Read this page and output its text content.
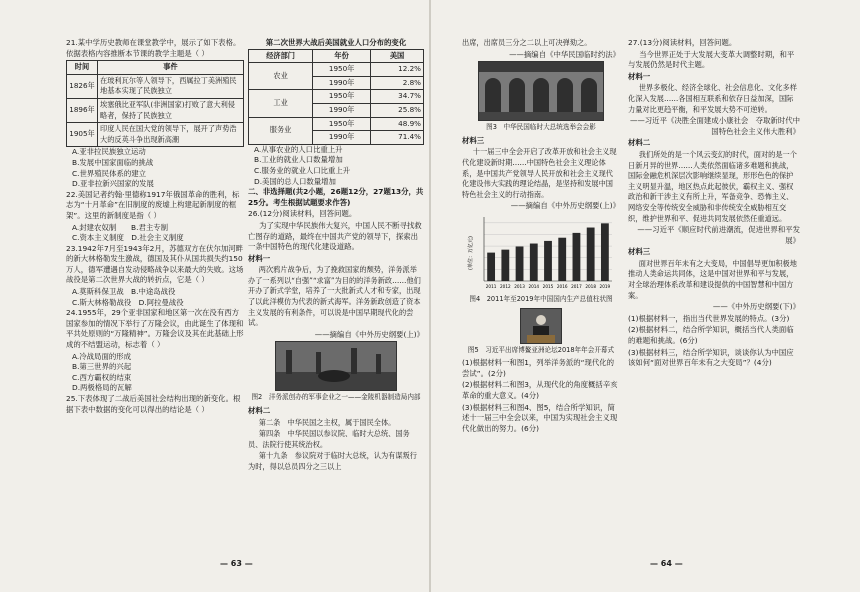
21.某中学历史教师在课堂教学中，展示了如下表格。依据表格内容推断本节课的教学主题是（ ）
时间	事件
1826年	在玻利瓦尔等人领导下，西属拉丁美洲殖民地基本实现了民族独立
1896年	埃塞俄比亚军队(非洲国家)打败了意大利侵略者，保持了民族独立
1905年	印度人民在国大党的领导下，展开了声势浩大的反英斗争出现新高潮
A.亚非拉民族独立运动
B.发展中国家面临的挑战
C.世界殖民体系的建立
D.亚非拉新兴国家的发展
22.美国记者约翰·里德称1917年俄国革命的胜利，标志为“十月革命”在旧制度的废墟上构建起新制度的框架”。这里的新制度是指（ ）
A.封建农奴制　　 B.君主专制
C.资本主义制度　 D.社会主义制度
23.1942年7月至1943年2月，苏德双方在伏尔加河畔的新大林格勒发生激战，德国及其仆从国共损失约150万人，德军遭遇自发动侵略战争以来最大的失败。这场战役是第二次世界大战的转折点，它是（ ）
A.莫斯科保卫战　 B.中途岛战役
C.斯大林格勒战役　 D.阿拉曼战役
24.1955年，29个亚非国家和地区第一次在没有西方国家参加的情况下举行了万隆会议，由此诞生了体现和平共处原则的“万隆精神”。万隆会议及其在此基础上形成的不结盟运动，标志着（ ）
A.冷战局面的形成
B.第三世界的兴起
C.西方霸权的结束
D.两极格局的瓦解
25.下表体现了二战后美国社会结构出现的新变化。根据下表中数据的变化可以得出的结论是（ ）
第二次世界大战后美国就业人口分布的变化
经济部门	年份	美国
农业	1950年	12.2%
	1990年	2.8%
工业	1950年	34.7%
	1990年	25.8%
服务业	1950年	48.9%
	1990年	71.4%
A.从事农业的人口比重上升
B.工业的就业人口数量增加
C.服务业的就业人口比重上升
D.美国的总人口数量增加
二、非选择题(共2小题，26题12分，27题13分，共25分。考生根据试题要求作答)
26.(12分)阅读材料，回答问题。
为了实现中华民族伟大复兴，中国人民不断寻找救亡图存的道路，最终在中国共产党的领导下，探索出一条中国特色的现代化建设道路。
材料一
两次鸦片战争后，为了挽救国家的颓势，洋务派举办了一系列以“自强”“求富”为目的的洋务新政……他们开办了新式学堂，培养了一大批新式人才和专家，出现了以此洋模仿为代表的新式海军。洋务新政创造了资本主义发展的有利条件，可以说是中国早期现代化的尝试。
——摘编自《中外历史纲要(上)》
图2　洋务派创办的军事企业之一——金陵机器制造局内部
材料二
第二条　中华民国之主权，属于国民全体。
第四条　中华民国以参议院、临时大总统、国务员、法院行使其统治权。
第十九条　参议院对于临时大总统，认为有谋叛行为时，得以总员四分之三以上
— 63 —
出席，出席员三分之二以上可决弹劾之。
——摘编自《中华民国临时约法》
图3　中华民国临时大总统选举会会影
材料三
十一届三中全会开启了改革开放和社会主义现代化建设新时期……中国特色社会主义理论体系，是中国共产党领导人民开放和社会主义现代化建设伟大实践的理论结晶，是坚持和发展中国特色社会主义的行动指南。
——摘编自《中外历史纲要(上)》
(单位：万亿元)
2011 2012 2013 2014 2015 2016 2017 2018 2019
图4　2011年至2019年中国国内生产总值柱状图
图5　习近平出席博鳌亚洲论坛2018年年会开幕式
(1)根据材料一和图1，列举洋务派的“现代化的尝试”。(2分)
(2)根据材料二和图3，从现代化的角度概括辛亥革命的重大意义。(4分)
(3)根据材料三和图4、图5，结合所学知识，简述十一届三中全会以来，中国为实现社会主义现代化做出的努力。(6分)
27.(13分)阅读材料，回答问题。
当今世界正处于大发展大变革大调整时期，和平与发展仍然是时代主题。
材料一
世界多极化、经济全球化、社会信息化、文化多样化深入发展……各国相互联系和依存日益加深，国际力量对比更趋平衡，和平发展大势不可逆转。
——习近平《决胜全面建成小康社会　夺取新时代中国特色社会主义伟大胜利》
材料二
我们所处的是一个风云变幻的时代，面对的是一个日新月异的世界……人类依然面临诸多难题和挑战，国际金融危机深层次影响继续显现，形形色色的保护主义明显升温，地区热点此起彼伏，霸权主义、强权政治和新干涉主义有所上升，军备竞争、恐怖主义、网络安全等传统安全威胁和非传统安全威胁相互交织，维护世界和平、促进共同发展依然任重道远。
——习近平《顺应时代前进潮流，促进世界和平发展》
材料三
面对世界百年未有之大变局，中国倡导更加积极地推动人类命运共同体，这是中国对世界和平与发展，对全球治理体系改革和建设提供的中国智慧和中国方案。
——《中外历史纲要(下)》
(1)根据材料一，指出当代世界发展的特点。(3分)
(2)根据材料二，结合所学知识，概括当代人类面临的难题和挑战。(6分)
(3)根据材料三，结合所学知识，谈谈你认为中国应该如何“面对世界百年未有之大变局”？(4分)
— 64 —
